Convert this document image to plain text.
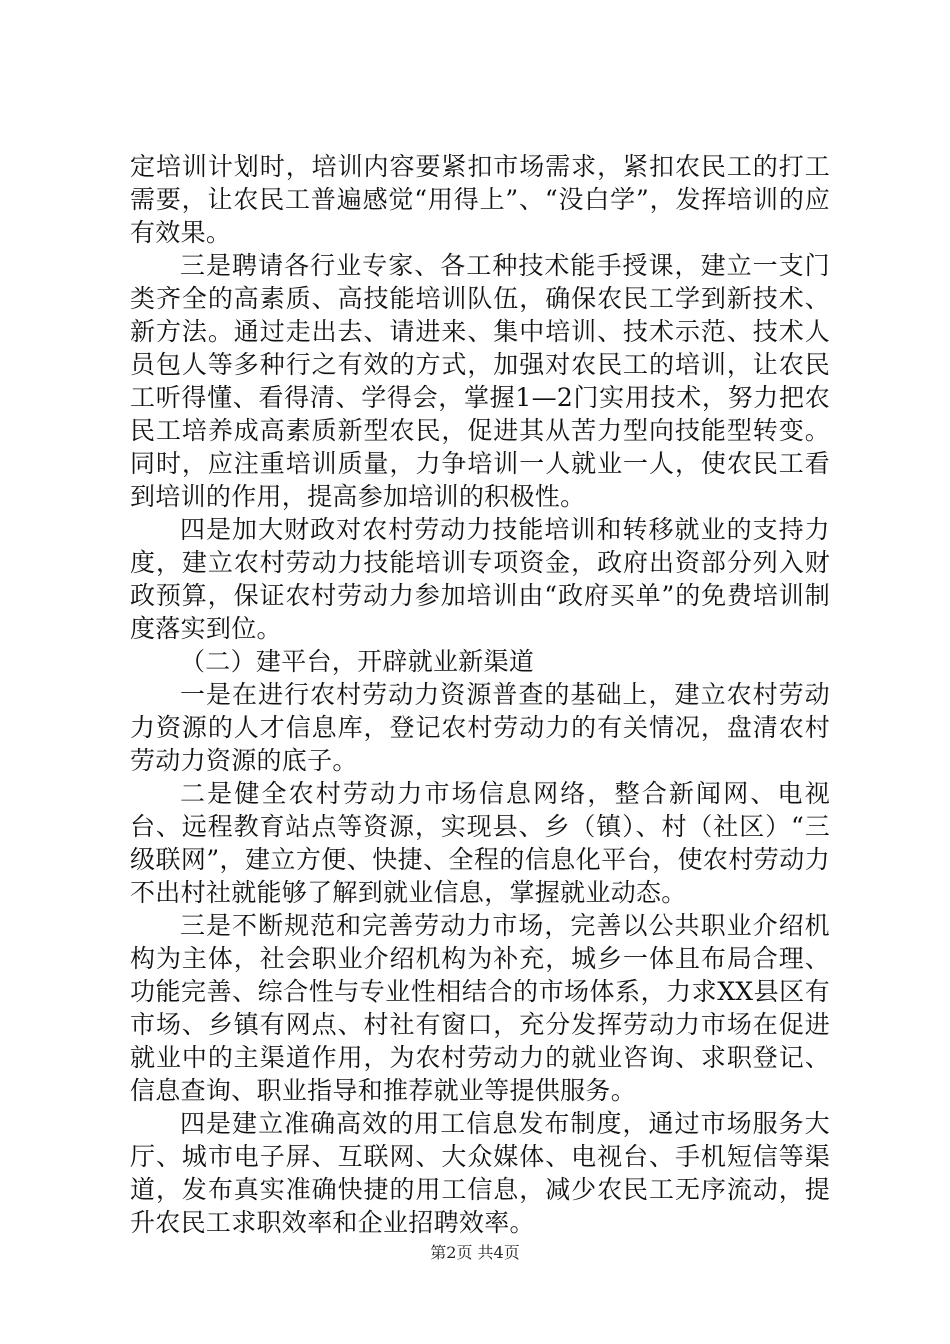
定培训计划时，培训内容要紧扣市场需求，紧扣农民工的打工需要，让农民工普遍感觉“用得上”、“没白学”，发挥培训的应有效果。

三是聘请各行业专家、各工种技术能手授课，建立一支门类齐全的高素质、高技能培训队伍，确保农民工学到新技术、新方法。通过走出去、请进来、集中培训、技术示范、技术人员包人等多种行之有效的方式，加强对农民工的培训，让农民工听得懂、看得清、学得会，掌握1—2门实用技术，努力把农民工培养成高素质新型农民，促进其从苦力型向技能型转变。同时，应注重培训质量，力争培训一人就业一人，使农民工看到培训的作用，提高参加培训的积极性。

四是加大财政对农村劳动力技能培训和转移就业的支持力度，建立农村劳动力技能培训专项资金，政府出资部分列入财政预算，保证农村劳动力参加培训由“政府买单”的免费培训制度落实到位。

（二）建平台，开辟就业新渠道

一是在进行农村劳动力资源普查的基础上，建立农村劳动力资源的人才信息库，登记农村劳动力的有关情况，盘清农村劳动力资源的底子。

二是健全农村劳动力市场信息网络，整合新闻网、电视台、远程教育站点等资源，实现县、乡（镇）、村（社区）“三级联网”，建立方便、快捷、全程的信息化平台，使农村劳动力不出村社就能够了解到就业信息，掌握就业动态。

三是不断规范和完善劳动力市场，完善以公共职业介绍机构为主体，社会职业介绍机构为补充，城乡一体且布局合理、功能完善、综合性与专业性相结合的市场体系，力求XX县区有市场、乡镇有网点、村社有窗口，充分发挥劳动力市场在促进就业中的主渠道作用，为农村劳动力的就业咨询、求职登记、信息查询、职业指导和推荐就业等提供服务。

四是建立准确高效的用工信息发布制度，通过市场服务大厅、城市电子屏、互联网、大众媒体、电视台、手机短信等渠道，发布真实准确快捷的用工信息，减少农民工无序流动，提升农民工求职效率和企业招聘效率。

第2页 共4页
